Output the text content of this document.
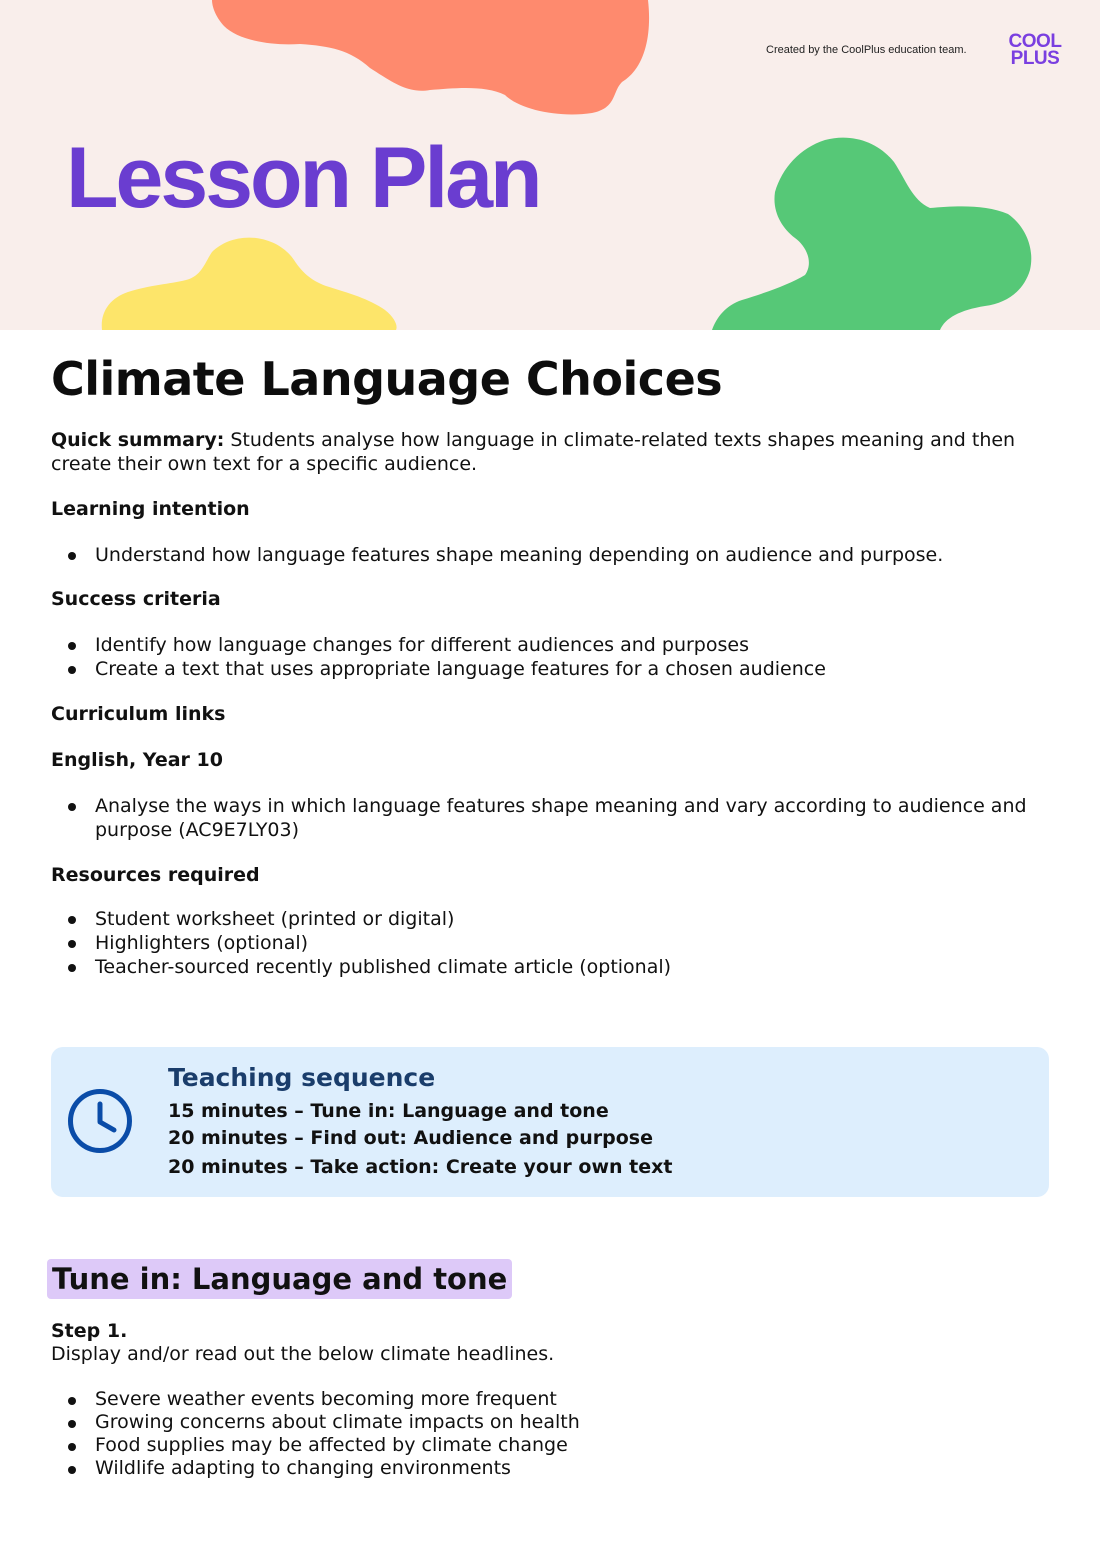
Created by the CoolPlus education team. COOL
PLUS
Lesson Plan
Climate Language Choices
Quick summary: Students analyse how language in climate-related texts shapes meaning and then
create their own text for a specific audience.
Learning intention
Understand how language features shape meaning depending on audience and purpose.
Success criteria
Identify how language changes for different audiences and purposes
Create a text that uses appropriate language features for a chosen audience
Curriculum links
English, Year 10
Analyse the ways in which language features shape meaning and vary according to audience and
purpose (AC9E7LY03)
Resources required
Student worksheet (printed or digital)
Highlighters (optional)
Teacher-sourced recently published climate article (optional)
Teaching sequence
15 minutes – Tune in: Language and tone
20 minutes – Find out: Audience and purpose
20 minutes – Take action: Create your own text
Tune in: Language and tone
Step 1.
Display and/or read out the below climate headlines.
Severe weather events becoming more frequent
Growing concerns about climate impacts on health
Food supplies may be affected by climate change
Wildlife adapting to changing environments
